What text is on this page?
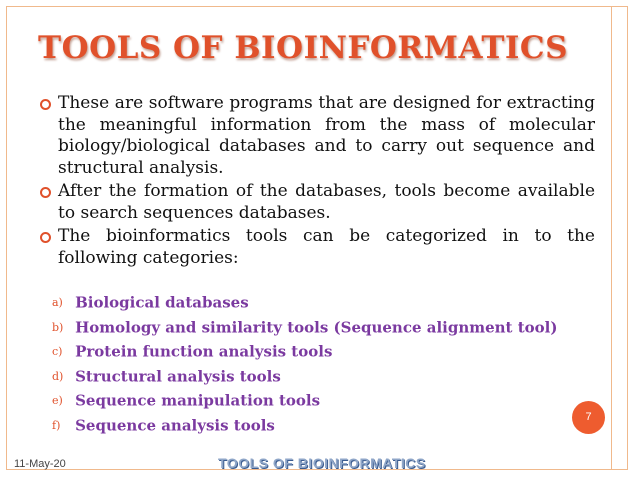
TOOLS OF BIOINFORMATICS
These are software programs that are designed for extracting the meaningful information from the mass of molecular biology/biological databases and to carry out sequence and structural analysis.
After the formation of the databases, tools become available to search sequences databases.
The bioinformatics tools can be categorized in to the following categories:
a) Biological databases
b) Homology and similarity tools (Sequence alignment tool)
c) Protein function analysis tools
d) Structural analysis tools
e) Sequence manipulation tools
f) Sequence analysis tools	7
11-May-20	TOOLS OF BIOINFORMATICS
